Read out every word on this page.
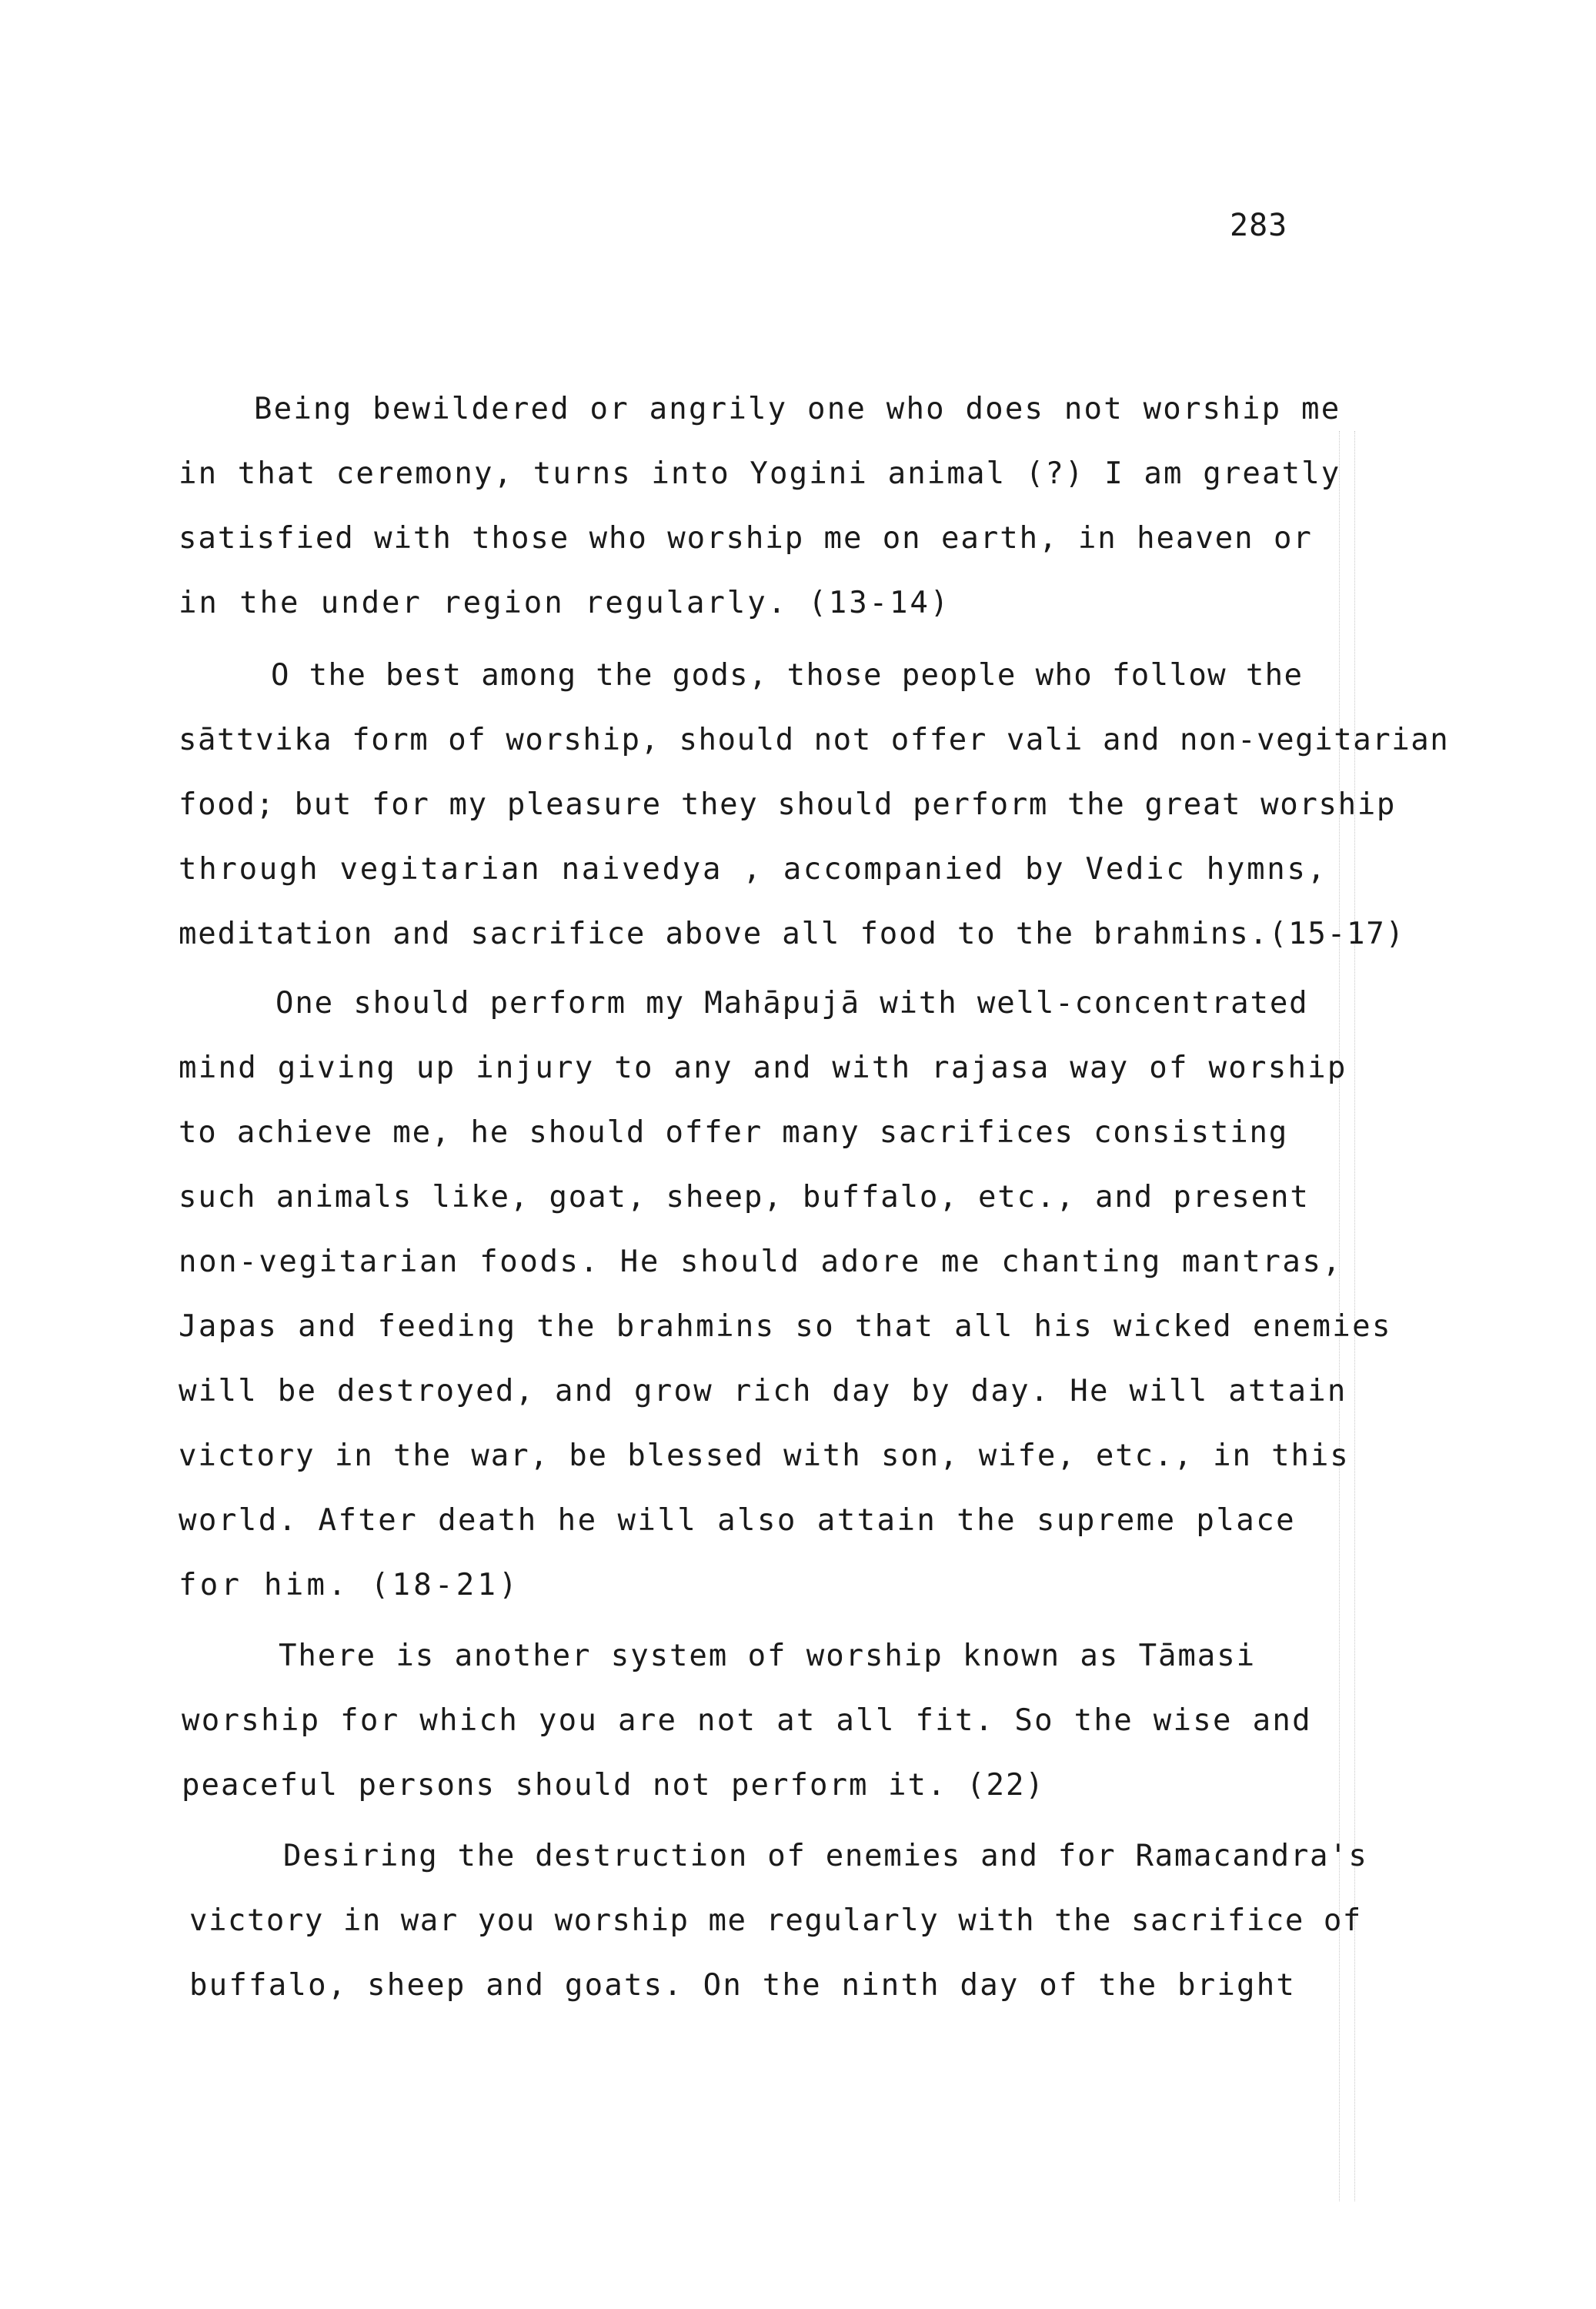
283
Being bewildered or angrily one who does not worship me
in that ceremony, turns into Yogini animal (?) I am greatly
satisfied with those who worship me on earth, in heaven or
in the under region regularly. (13-14)
O the best among the gods, those people who follow the
sāttvika form of worship, should not offer vali and non-vegitarian
food; but for my pleasure they should perform the great worship
through vegitarian naivedya , accompanied by Vedic hymns,
meditation and sacrifice above all food to the brahmins.(15-17)
One should perform my Mahāpujā with well-concentrated
mind giving up injury to any and with rajasa way of worship
to achieve me, he should offer many sacrifices consisting
such animals like, goat, sheep, buffalo, etc., and present
non-vegitarian foods. He should adore me chanting mantras,
Japas and feeding the brahmins so that all his wicked enemies
will be destroyed, and grow rich day by day. He will attain
victory in the war, be blessed with son, wife, etc., in this
world. After death he will also attain the supreme place
for him. (18-21)
There is another system of worship known as Tāmasi
worship for which you are not at all fit. So the wise and
peaceful persons should not perform it. (22)
Desiring the destruction of enemies and for Ramacandra's
victory in war you worship me regularly with the sacrifice of
buffalo, sheep and goats. On the ninth day of the bright
